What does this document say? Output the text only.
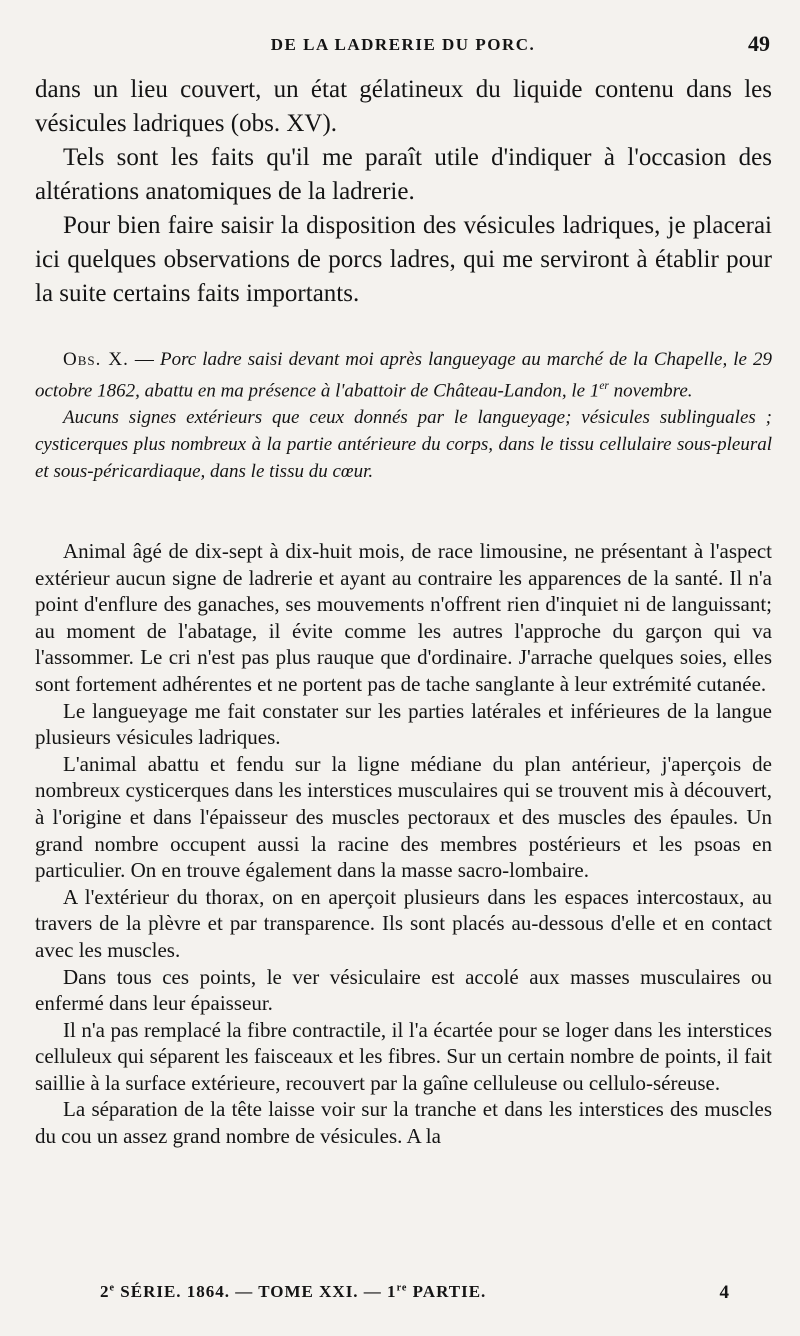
DE LA LADRERIE DU PORC.	49

dans un lieu couvert, un état gélatineux du liquide contenu dans les vésicules ladriques (obs. XV).

Tels sont les faits qu'il me paraît utile d'indiquer à l'occasion des altérations anatomiques de la ladrerie.

Pour bien faire saisir la disposition des vésicules ladriques, je placerai ici quelques observations de porcs ladres, qui me serviront à établir pour la suite certains faits importants.

Obs. X. — Porc ladre saisi devant moi après langueyage au marché de la Chapelle, le 29 octobre 1862, abattu en ma présence à l'abattoir de Château-Landon, le 1er novembre.

Aucuns signes extérieurs que ceux donnés par le langueyage; vésicules sublinguales ; cysticerques plus nombreux à la partie antérieure du corps, dans le tissu cellulaire sous-pleural et sous-péricardiaque, dans le tissu du cœur.

Animal âgé de dix-sept à dix-huit mois, de race limousine, ne présentant à l'aspect extérieur aucun signe de ladrerie et ayant au contraire les apparences de la santé. Il n'a point d'enflure des ganaches, ses mouvements n'offrent rien d'inquiet ni de languissant; au moment de l'abatage, il évite comme les autres l'approche du garçon qui va l'assommer. Le cri n'est pas plus rauque que d'ordinaire. J'arrache quelques soies, elles sont fortement adhérentes et ne portent pas de tache sanglante à leur extrémité cutanée.

Le langueyage me fait constater sur les parties latérales et inférieures de la langue plusieurs vésicules ladriques.

L'animal abattu et fendu sur la ligne médiane du plan antérieur, j'aperçois de nombreux cysticerques dans les interstices musculaires qui se trouvent mis à découvert, à l'origine et dans l'épaisseur des muscles pectoraux et des muscles des épaules. Un grand nombre occupent aussi la racine des membres postérieurs et les psoas en particulier. On en trouve également dans la masse sacro-lombaire.

A l'extérieur du thorax, on en aperçoit plusieurs dans les espaces intercostaux, au travers de la plèvre et par transparence. Ils sont placés au-dessous d'elle et en contact avec les muscles.

Dans tous ces points, le ver vésiculaire est accolé aux masses musculaires ou enfermé dans leur épaisseur.

Il n'a pas remplacé la fibre contractile, il l'a écartée pour se loger dans les interstices celluleux qui séparent les faisceaux et les fibres. Sur un certain nombre de points, il fait saillie à la surface extérieure, recouvert par la gaîne celluleuse ou cellulo-séreuse.

La séparation de la tête laisse voir sur la tranche et dans les interstices des muscles du cou un assez grand nombre de vésicules. A la

2e SÉRIE. 1864. — TOME XXI. — 1re PARTIE.	4
